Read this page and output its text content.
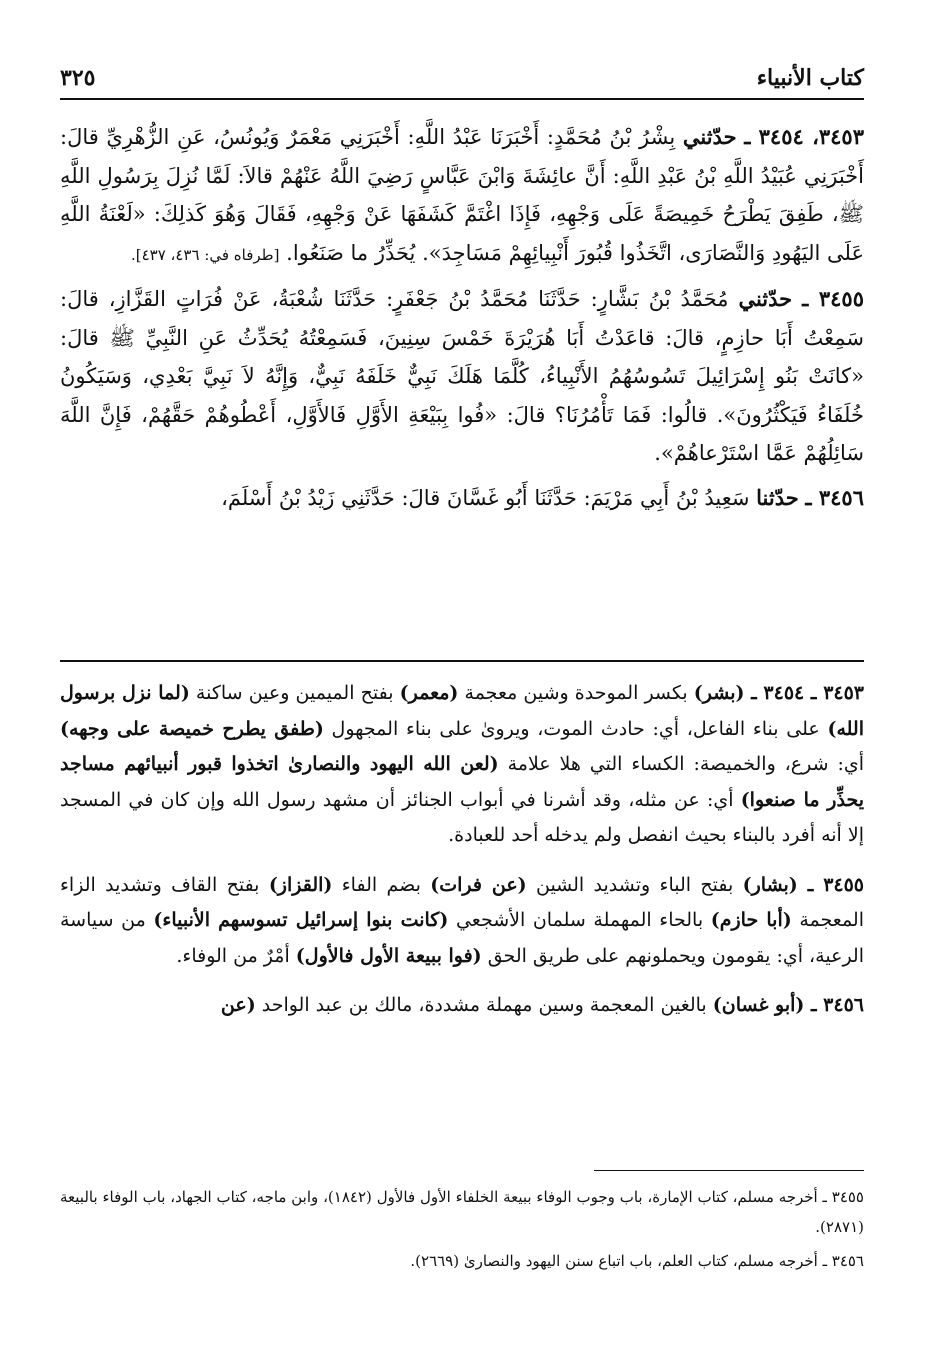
كتاب الأنبياء
٣٢٥

٣٤٥٣، ٣٤٥٤ ـ حدّثني بِشْرُ بْنُ مُحَمَّدٍ: أَخْبَرَنَا عَبْدُ اللَّهِ: أَخْبَرَنِي مَعْمَرٌ وَيُونُسُ، عَنِ الزُّهْرِيِّ قالَ: أَخْبَرَنِي عُبَيْدُ اللَّهِ بْنُ عَبْدِ اللَّهِ: أَنَّ عائِشَةَ وَابْنَ عَبَّاسٍ رَضِيَ اللَّهُ عَنْهُمْ قالاَ: لَمَّا نُزِلَ بِرَسُولِ اللَّهِ ﷺ، طَفِقَ يَطْرَحُ خَمِيصَةً عَلَى وَجْهِهِ، فَإِذَا اغْتَمَّ كَشَفَهَا عَنْ وَجْهِهِ، فَقَالَ وَهُوَ كَذلِكَ: «لَعْنَةُ اللَّهِ عَلَى اليَهُودِ وَالنَّصَارَى، اتَّخَذُوا قُبُورَ أَنْبِيائِهِمْ مَسَاجِدَ». يُحَذِّرُ ما صَنَعُوا. [طرفاه في: ٤٣٦، ٤٣٧].

٣٤٥٥ ـ حدّثني مُحَمَّدُ بْنُ بَشَّارٍ: حَدَّثَنَا مُحَمَّدُ بْنُ جَعْفَرٍ: حَدَّثَنَا شُعْبَةُ، عَنْ فُرَاتٍ القَزَّازِ، قالَ: سَمِعْتُ أَبَا حازِمٍ، قالَ: قاعَدْتُ أَبَا هُرَيْرَةَ خَمْسَ سِنِينَ، فَسَمِعْتُهُ يُحَدِّثُ عَنِ النَّبِيِّ ﷺ قالَ: «كانَتْ بَنُو إِسْرَائِيلَ تَسُوسُهُمُ الأَنْبِياءُ، كُلَّمَا هَلَكَ نَبِيٌّ خَلَفَهُ نَبِيٌّ، وَإِنَّهُ لاَ نَبِيَّ بَعْدِي، وَسَيَكُونُ خُلَفَاءُ فَيَكْثُرُونَ». قالُوا: فَمَا تَأْمُرُنَا؟ قالَ: «فُوا بِبَيْعَةِ الأَوَّلِ فَالأَوَّلِ، أَعْطُوهُمْ حَقَّهُمْ، فَإِنَّ اللَّهَ سَائِلُهُمْ عَمَّا اسْتَرْعاهُمْ».

٣٤٥٦ ـ حدّثنا سَعِيدُ بْنُ أَبِي مَرْيَمَ: حَدَّثَنَا أَبُو غَسَّانَ قالَ: حَدَّثَنِي زَيْدُ بْنُ أَسْلَمَ،

٣٤٥٣ ـ ٣٤٥٤ ـ (بشر) بكسر الموحدة وشين معجمة (معمر) بفتح الميمين وعين ساكنة (لما نزل برسول الله) على بناء الفاعل، أي: حادث الموت، ويروىٰ على بناء المجهول (طفق يطرح خميصة على وجهه) أي: شرع، والخميصة: الكساء التي هلا علامة (لعن الله اليهود والنصارىٰ اتخذوا قبور أنبيائهم مساجد يحذِّر ما صنعوا) أي: عن مثله، وقد أشرنا في أبواب الجنائز أن مشهد رسول الله وإن كان في المسجد إلا أنه أفرد بالبناء بحيث انفصل ولم يدخله أحد للعبادة.

٣٤٥٥ ـ (بشار) بفتح الباء وتشديد الشين (عن فرات) بضم الفاء (القزاز) بفتح القاف وتشديد الزاء المعجمة (أبا حازم) بالحاء المهملة سلمان الأشجعي (كانت بنوا إسرائيل تسوسهم الأنبياء) من سياسة الرعية، أي: يقومون ويحملونهم على طريق الحق (فوا ببيعة الأول فالأول) أمْرٌ من الوفاء.

٣٤٥٦ ـ (أبو غسان) بالغين المعجمة وسين مهملة مشددة، مالك بن عبد الواحد (عن

٣٤٥٥ ـ أخرجه مسلم، كتاب الإمارة، باب وجوب الوفاء ببيعة الخلفاء الأول فالأول (١٨٤٢)، وابن ماجه، كتاب الجهاد، باب الوفاء بالبيعة (٢٨٧١).

٣٤٥٦ ـ أخرجه مسلم، كتاب العلم، باب اتباع سنن اليهود والنصارىٰ (٢٦٦٩).
